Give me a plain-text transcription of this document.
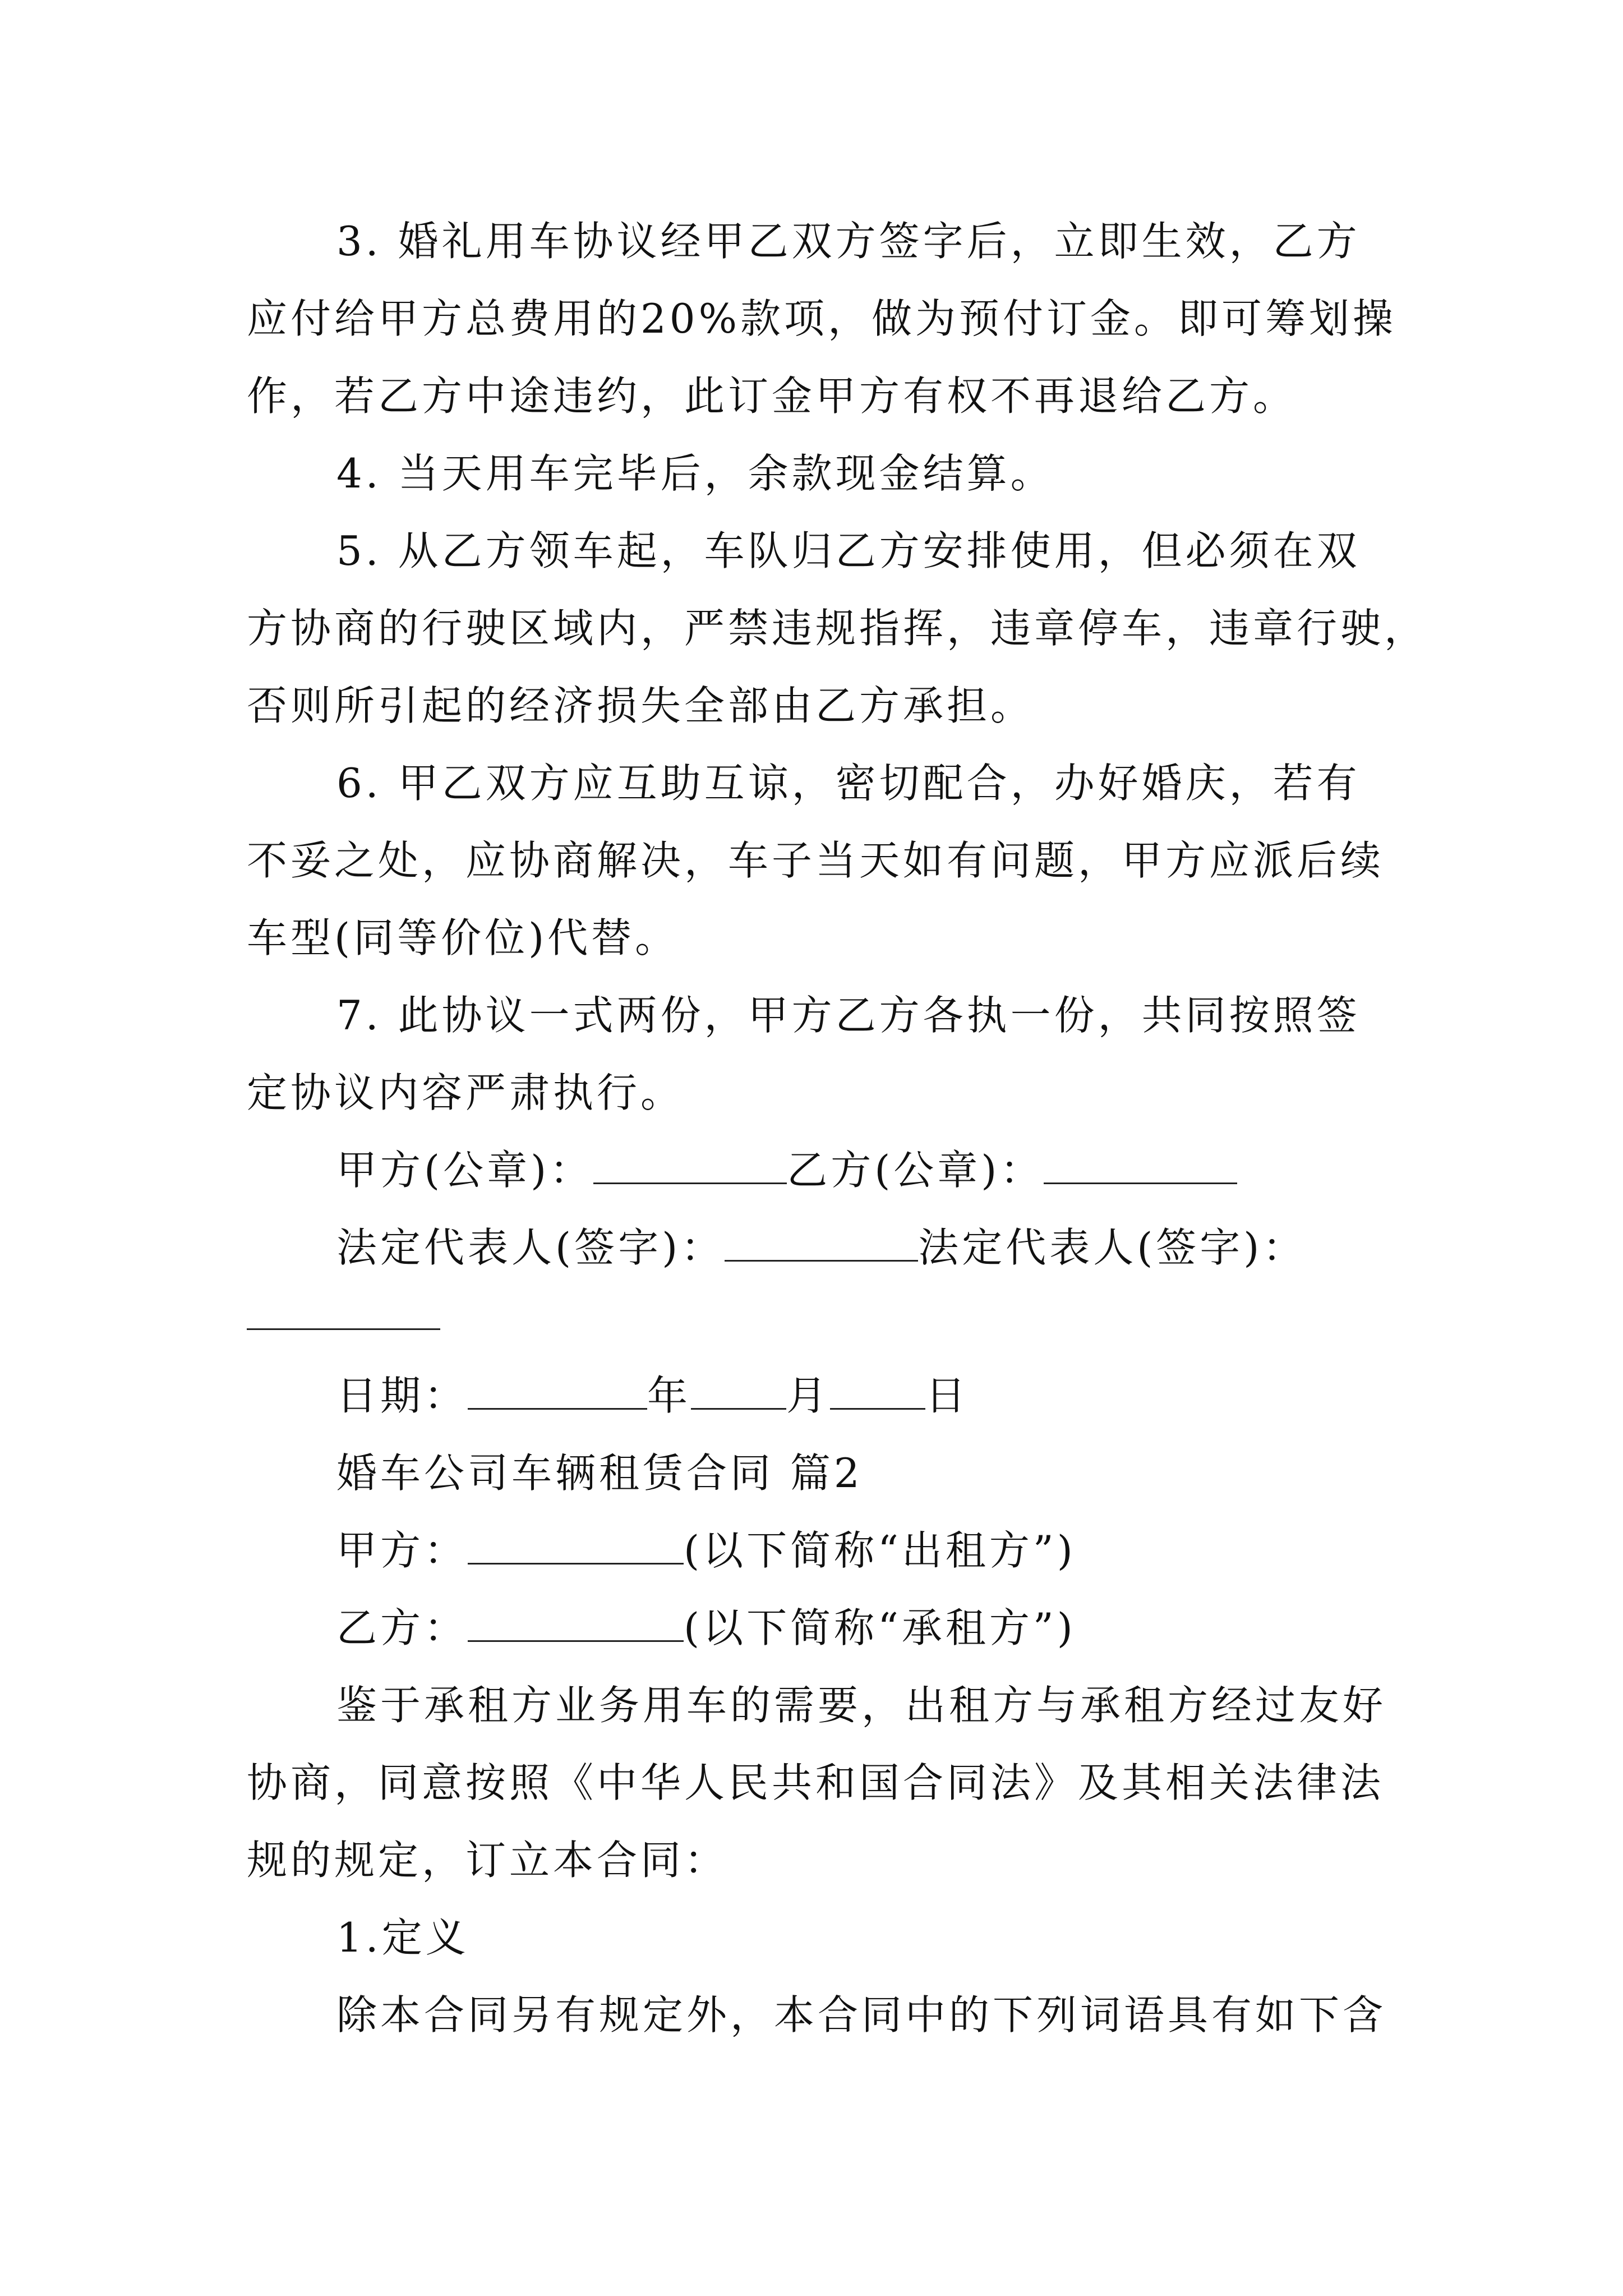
3. 婚礼用车协议经甲乙双方签字后，立即生效，乙方
应付给甲方总费用的20%款项，做为预付订金。即可筹划操
作，若乙方中途违约，此订金甲方有权不再退给乙方。
4. 当天用车完毕后，余款现金结算。
5. 从乙方领车起，车队归乙方安排使用，但必须在双
方协商的行驶区域内，严禁违规指挥，违章停车，违章行驶，
否则所引起的经济损失全部由乙方承担。
6. 甲乙双方应互助互谅，密切配合，办好婚庆，若有
不妥之处，应协商解决，车子当天如有问题，甲方应派后续
车型(同等价位)代替。
7. 此协议一式两份，甲方乙方各执一份，共同按照签
定协议内容严肃执行。
甲方(公章)：	乙方(公章)：
法定代表人(签字)：	法定代表人(签字)：
日期：	年 月 日
婚车公司车辆租赁合同 篇2
甲方：	(以下简称“出租方”)
乙方：	(以下简称“承租方”)
鉴于承租方业务用车的需要，出租方与承租方经过友好
协商，同意按照《中华人民共和国合同法》及其相关法律法
规的规定，订立本合同：
1.定义
除本合同另有规定外，本合同中的下列词语具有如下含
